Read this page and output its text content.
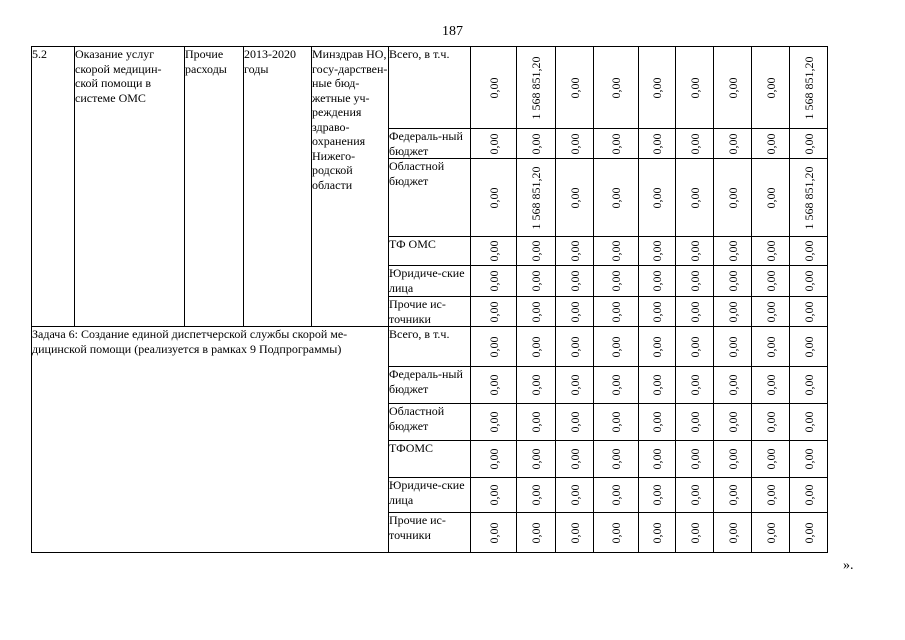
187
5.2	Оказание услуг скорой медицин-ской помощи в системе ОМС	Прочие расходы	2013-2020 годы	Минздрав НО, госу-дарствен-ные бюд-жетные уч-реждения здраво-охранения Нижего-родской области	Всего, в т.ч.	0,00	1 568 851,20	0,00	0,00	0,00	0,00	0,00	0,00	1 568 851,20

					Федераль-ный бюджет	0,00	0,00	0,00	0,00	0,00	0,00	0,00	0,00	0,00

					Областной бюджет	0,00	1 568 851,20	0,00	0,00	0,00	0,00	0,00	0,00	1 568 851,20

					ТФ ОМС	0,00	0,00	0,00	0,00	0,00	0,00	0,00	0,00	0,00

					Юридиче-ские лица	0,00	0,00	0,00	0,00	0,00	0,00	0,00	0,00	0,00

					Прочие ис-точники	0,00	0,00	0,00	0,00	0,00	0,00	0,00	0,00	0,00

Задача 6: Создание единой диспетчерской службы скорой ме-дицинской помощи (реализуется в рамках 9 Подпрограммы)					Всего, в т.ч.	0,00	0,00	0,00	0,00	0,00	0,00	0,00	0,00	0,00

					Федераль-ный бюджет	0,00	0,00	0,00	0,00	0,00	0,00	0,00	0,00	0,00

					Областной бюджет	0,00	0,00	0,00	0,00	0,00	0,00	0,00	0,00	0,00

					ТФОМС	0,00	0,00	0,00	0,00	0,00	0,00	0,00	0,00	0,00

					Юридиче-ские лица	0,00	0,00	0,00	0,00	0,00	0,00	0,00	0,00	0,00

					Прочие ис-точники	0,00	0,00	0,00	0,00	0,00	0,00	0,00	0,00	0,00
».
